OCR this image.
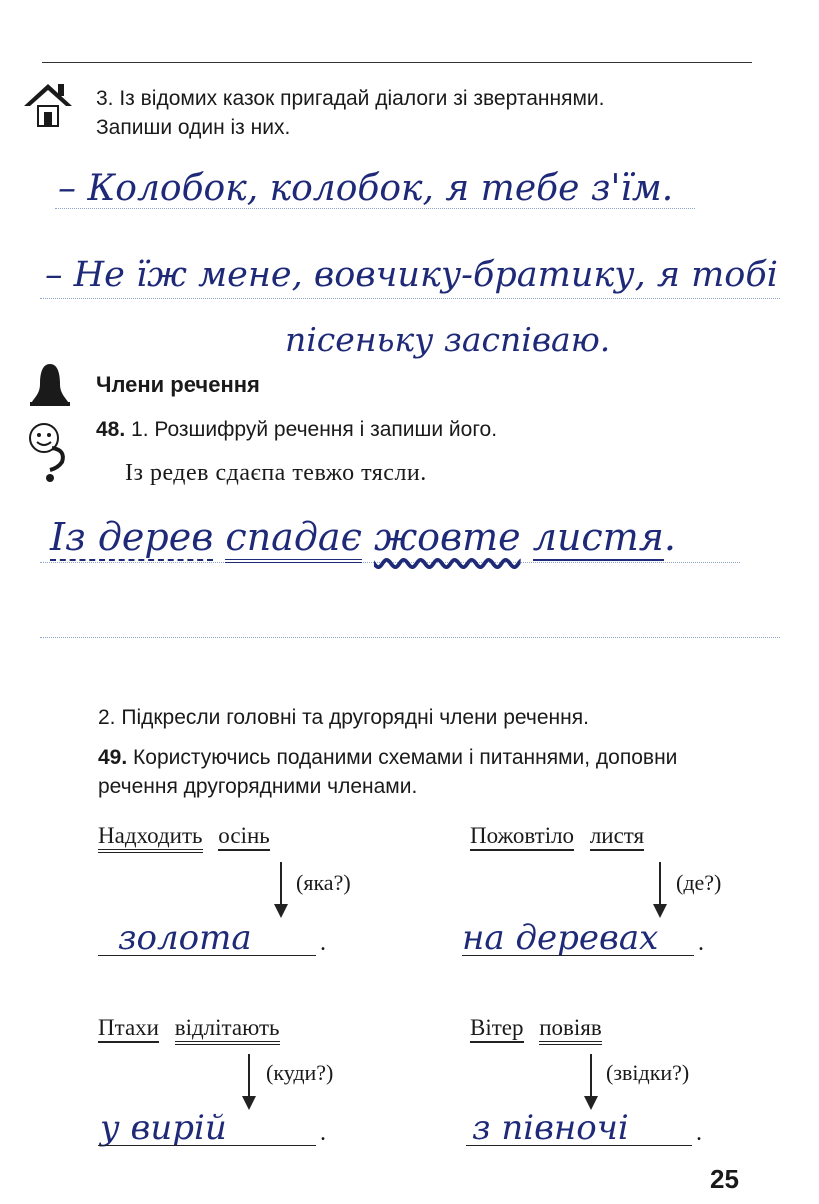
3. Із відомих казок пригадай діалоги зі звертаннями.
Запиши один із них.
– Колобок, колобок, я тебе з'їм.
– Не їж мене, вовчику-братику, я тобі
пісеньку заспіваю.
Члени речення
48. 1. Розшифруй речення і запиши його.
Із редев сдаєпа тевжо тясли.
Із дерев спадає жовте листя.
2. Підкресли головні та другорядні члени речення.
49. Користуючись поданими схемами і питаннями, доповни
речення другорядними членами.
Надходить осінь
(яка?)
золота	.
Пожовтіло листя
(де?)
на деревах .
Птахи відлітають
(куди?)
у вирій	.
Вітер повіяв
(звідки?)
з півночі	.
25
